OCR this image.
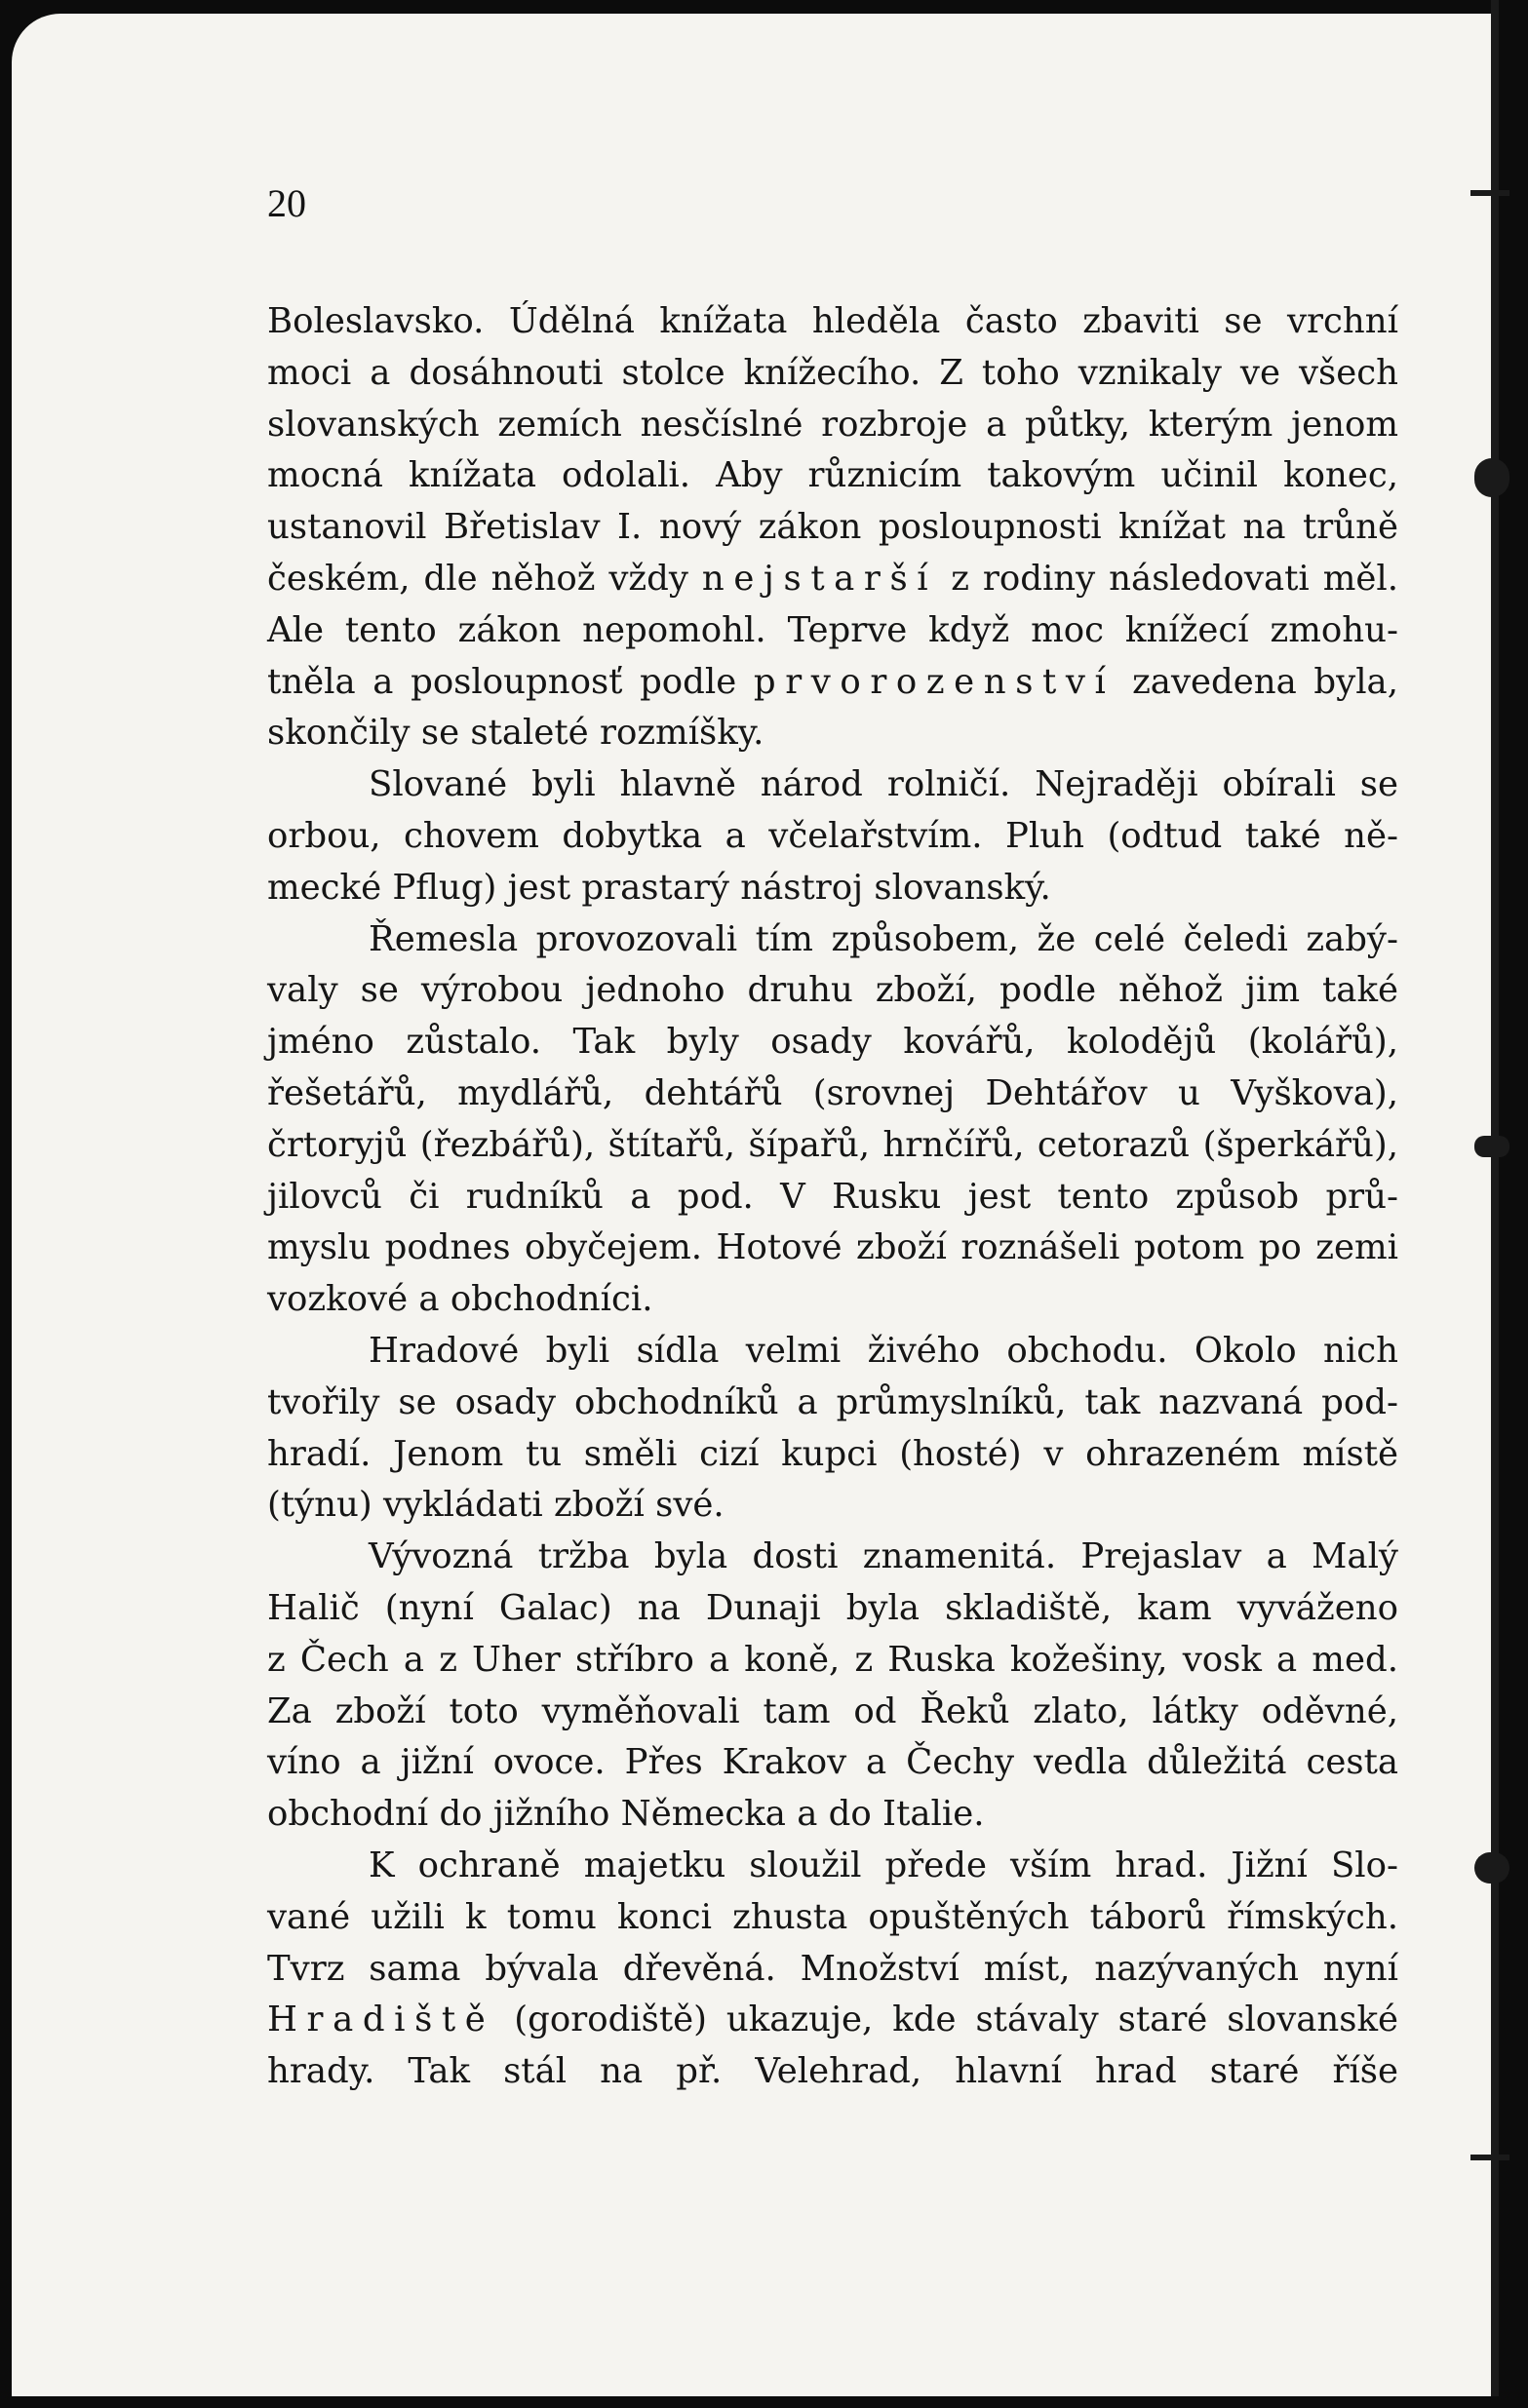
20
Boleslavsko. Údělná knížata hleděla často zbaviti se vrchní
moci a dosáhnouti stolce knížecího. Z toho vznikaly ve všech
slovanských zemích nesčíslné rozbroje a půtky, kterým jenom
mocná knížata odolali. Aby různicím takovým učinil konec,
ustanovil Břetislav I. nový zákon posloupnosti knížat na trůně
českém, dle něhož vždy nejstarší z rodiny následovati měl.
Ale tento zákon nepomohl. Teprve když moc knížecí zmohu-
tněla a posloupnosť podle prvorozenství zavedena byla,
skončily se staleté rozmíšky.
Slované byli hlavně národ rolničí. Nejraději obírali se
orbou, chovem dobytka a včelařstvím. Pluh (odtud také ně-
mecké Pflug) jest prastarý nástroj slovanský.
Řemesla provozovali tím způsobem, že celé čeledi zabý-
valy se výrobou jednoho druhu zboží, podle něhož jim také
jméno zůstalo. Tak byly osady kovářů, kolodějů (kolářů),
řešetářů, mydlářů, dehtářů (srovnej Dehtářov u Vyškova),
črtoryjů (řezbářů), štítařů, šípařů, hrnčířů, cetorazů (šperkářů),
jilovců či rudníků a pod. V Rusku jest tento způsob prů-
myslu podnes obyčejem. Hotové zboží roznášeli potom po zemi
vozkové a obchodníci.
Hradové byli sídla velmi živého obchodu. Okolo nich
tvořily se osady obchodníků a průmyslníků, tak nazvaná pod-
hradí. Jenom tu směli cizí kupci (hosté) v ohrazeném místě
(týnu) vykládati zboží své.
Vývozná tržba byla dosti znamenitá. Prejaslav a Malý
Halič (nyní Galac) na Dunaji byla skladiště, kam vyváženo
z Čech a z Uher stříbro a koně, z Ruska kožešiny, vosk a med.
Za zboží toto vyměňovali tam od Řeků zlato, látky oděvné,
víno a jižní ovoce. Přes Krakov a Čechy vedla důležitá cesta
obchodní do jižního Německa a do Italie.
K ochraně majetku sloužil přede vším hrad. Jižní Slo-
vané užili k tomu konci zhusta opuštěných táborů římských.
Tvrz sama bývala dřevěná. Množství míst, nazývaných nyní
Hradiště (gorodiště) ukazuje, kde stávaly staré slovanské
hrady. Tak stál na př. Velehrad, hlavní hrad staré říše
